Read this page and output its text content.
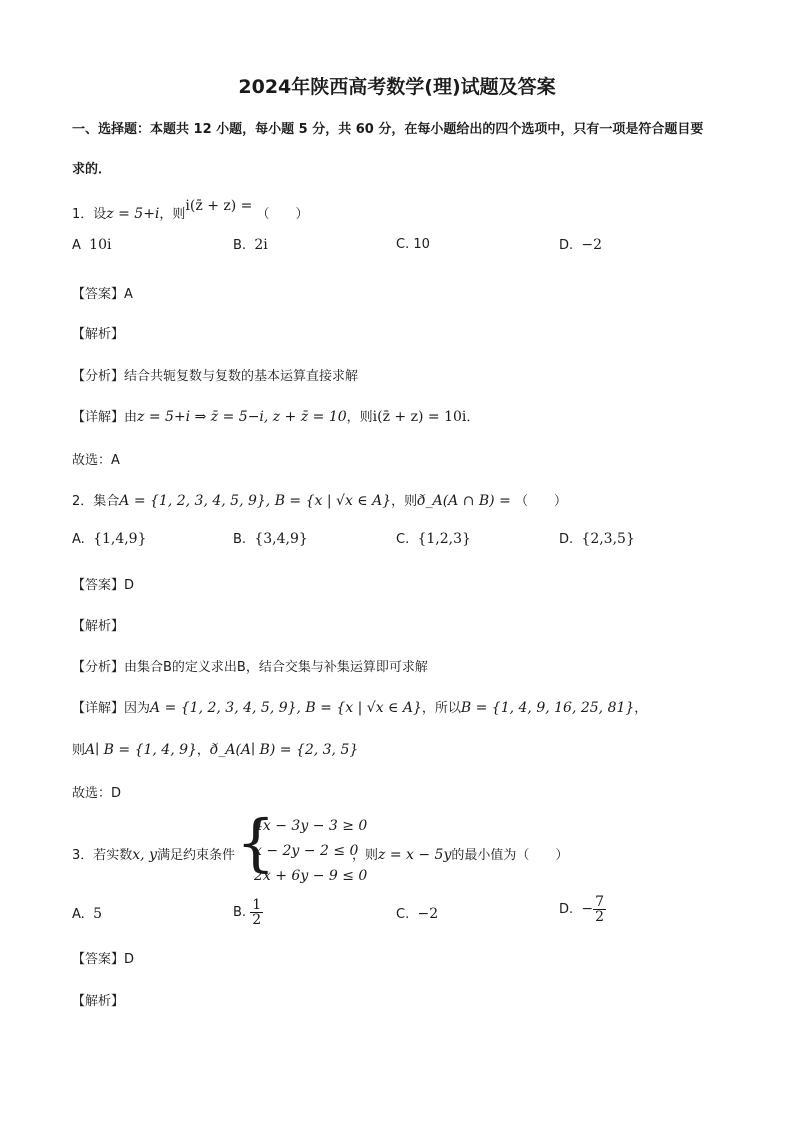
2024年陕西高考数学(理)试题及答案
一、选择题：本题共 12 小题，每小题 5 分，共 60 分，在每小题给出的四个选项中，只有一项是符合题目要
求的．
1．设z = 5+i，则i(z̄ + z) = （　　）
A 10i	B. 2i	C. 10	D. −2
【答案】A
【解析】
【分析】结合共轭复数与复数的基本运算直接求解
【详解】由z = 5+i ⇒ z̄ = 5−i, z + z̄ = 10，则i(z̄ + z) = 10i．
故选：A
2．集合A = {1, 2, 3, 4, 5, 9}, B = {x | √x ∈ A}，则ð_A(A ∩ B) = （　　）
A. {1,4,9}	B. {3,4,9}	C. {1,2,3}	D. {2,3,5}
【答案】D
【解析】
【分析】由集合B的定义求出B，结合交集与补集运算即可求解
【详解】因为A = {1, 2, 3, 4, 5, 9}, B = {x | √x ∈ A}，所以B = {1, 4, 9, 16, 25, 81}，
则A∣ B = {1, 4, 9}，ð_A(A∣ B) = {2, 3, 5}
故选：D
3．若实数x, y满足约束条件 {
4x − 3y − 3 ≥ 0
x − 2y − 2 ≤ 0
2x + 6y − 9 ≤ 0
，则z = x − 5y的最小值为（　　）
A. 5	B. $\frac{1}{2}$	C. −2	D. − $\frac{7}{2}$
【答案】D
【解析】
